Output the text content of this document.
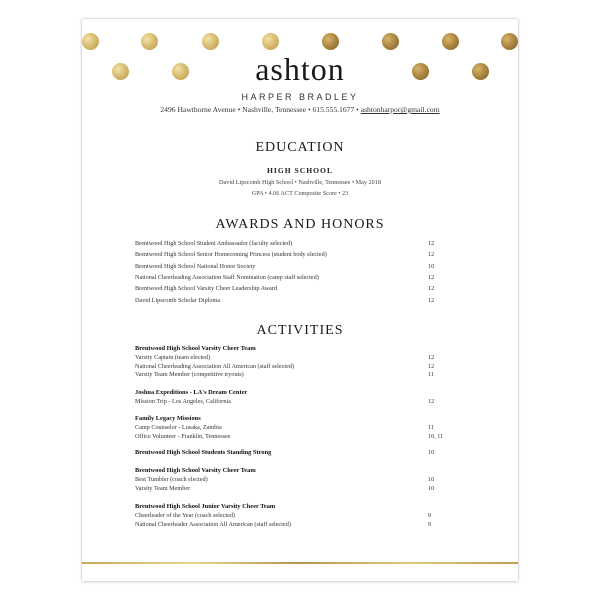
ashton
HARPER BRADLEY
2496 Hawthorne Avenue • Nashville, Tennessee • 615.555.1677 • ashtonharpor@gmail.com
EDUCATION
HIGH SCHOOL
David Lipscomb High School • Nashville, Tennessee • May 2018
GPA • 4.06 ACT Composite Score • 23
AWARDS AND HONORS
Brentwood High School Student Ambassador (faculty selected)	12
Brentwood High School Senior Homecoming Princess (student body elected)	12
Brentwood High School National Honor Society	10
National Cheerleading Association Staff Nomination (camp staff selected)	12
Brentwood High School Varsity Cheer Leadership Award	12
David Lipscomb Scholar Diploma	12
ACTIVITIES
Brentwood High School Varsity Cheer Team
Varsity Captain (team elected)	12
National Cheerleading Association All American (staff selected)	12
Varsity Team Member (competitive tryouts)	11
Joshua Expeditions - LA's Dream Center
Mission Trip - Los Angeles, California	12
Family Legacy Missions
Camp Counselor - Lusaka, Zambia	11
Office Volunteer - Franklin, Tennessee	10, 11
Brentwood High School Students Standing Strong	10
Brentwood High School Varsity Cheer Team
Best Tumbler (coach elected)	10
Varsity Team Member	10
Brentwood High School Junior Varsity Cheer Team
Cheerleader of the Year (coach selected)	9
National Cheerleader Association All American (staff selected)	9
